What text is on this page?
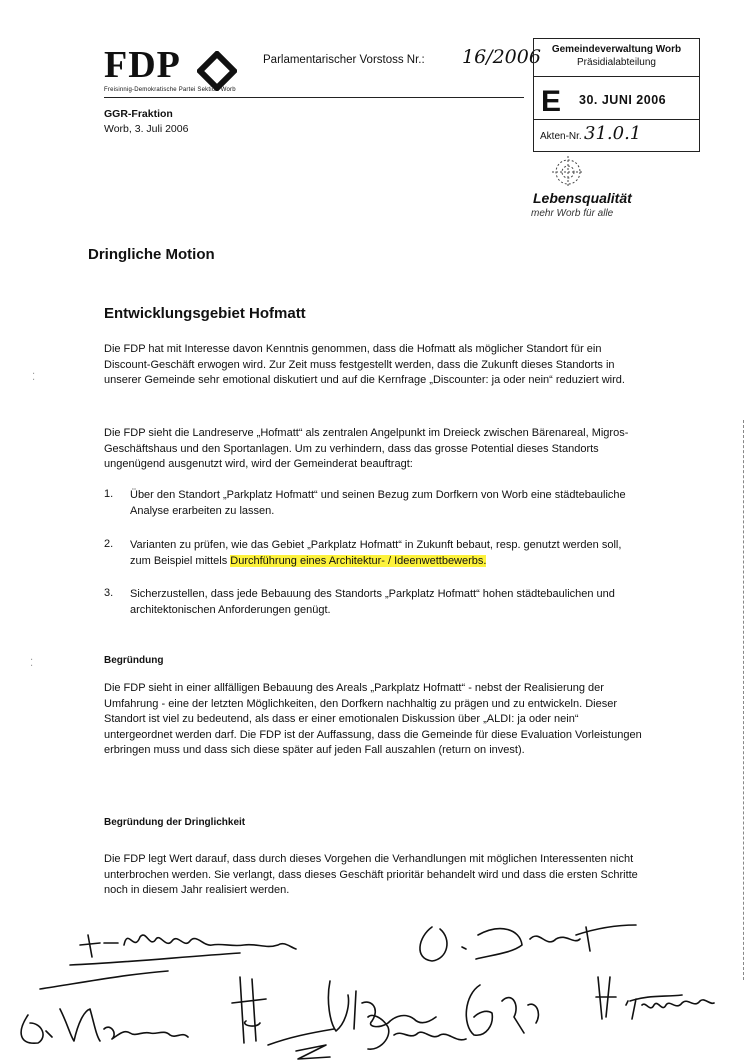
FDP
Freisinnig-Demokratische Partei Sektion Worb
GGR-Fraktion
Worb, 3. Juli 2006
Parlamentarischer Vorstoss Nr.: 16/2006	Gemeindeverwaltung Worb
Präsidialabteilung
E 30. JUNI 2006
Akten-Nr. 31.0.1
Lebensqualität
mehr Worb für alle
Dringliche Motion
Entwicklungsgebiet Hofmatt
Die FDP hat mit Interesse davon Kenntnis genommen, dass die Hofmatt als möglicher Standort für ein Discount-Geschäft erwogen wird. Zur Zeit muss festgestellt werden, dass die Zukunft dieses Standorts in unserer Gemeinde sehr emotional diskutiert und auf die Kernfrage „Discounter: ja oder nein“ reduziert wird.
Die FDP sieht die Landreserve „Hofmatt“ als zentralen Angelpunkt im Dreieck zwischen Bärenareal, Migros-Geschäftshaus und den Sportanlagen. Um zu verhindern, dass das grosse Potential dieses Standorts ungenügend ausgenutzt wird, wird der Gemeinderat beauftragt:
1. Über den Standort „Parkplatz Hofmatt“ und seinen Bezug zum Dorfkern von Worb eine städtebauliche Analyse erarbeiten zu lassen.
2. Varianten zu prüfen, wie das Gebiet „Parkplatz Hofmatt“ in Zukunft bebaut, resp. genutzt werden soll, zum Beispiel mittels Durchführung eines Architektur- / Ideenwettbewerbs.
3. Sicherzustellen, dass jede Bebauung des Standorts „Parkplatz Hofmatt“ hohen städtebaulichen und architektonischen Anforderungen genügt.
Begründung
Die FDP sieht in einer allfälligen Bebauung des Areals „Parkplatz Hofmatt“ - nebst der Realisierung der Umfahrung - eine der letzten Möglichkeiten, den Dorfkern nachhaltig zu prägen und zu entwickeln. Dieser Standort ist viel zu bedeutend, als dass er einer emotionalen Diskussion über „ALDI: ja oder nein“ untergeordnet werden darf. Die FDP ist der Auffassung, dass die Gemeinde für diese Evaluation Vorleistungen erbringen muss und dass sich diese später auf jeden Fall auszahlen (return on invest).
Begründung der Dringlichkeit
Die FDP legt Wert darauf, dass durch dieses Vorgehen die Verhandlungen mit möglichen Interessenten nicht unterbrochen werden. Sie verlangt, dass dieses Geschäft prioritär behandelt wird und dass die ersten Schritte noch in diesem Jahr realisiert werden.
⁚
⁚
